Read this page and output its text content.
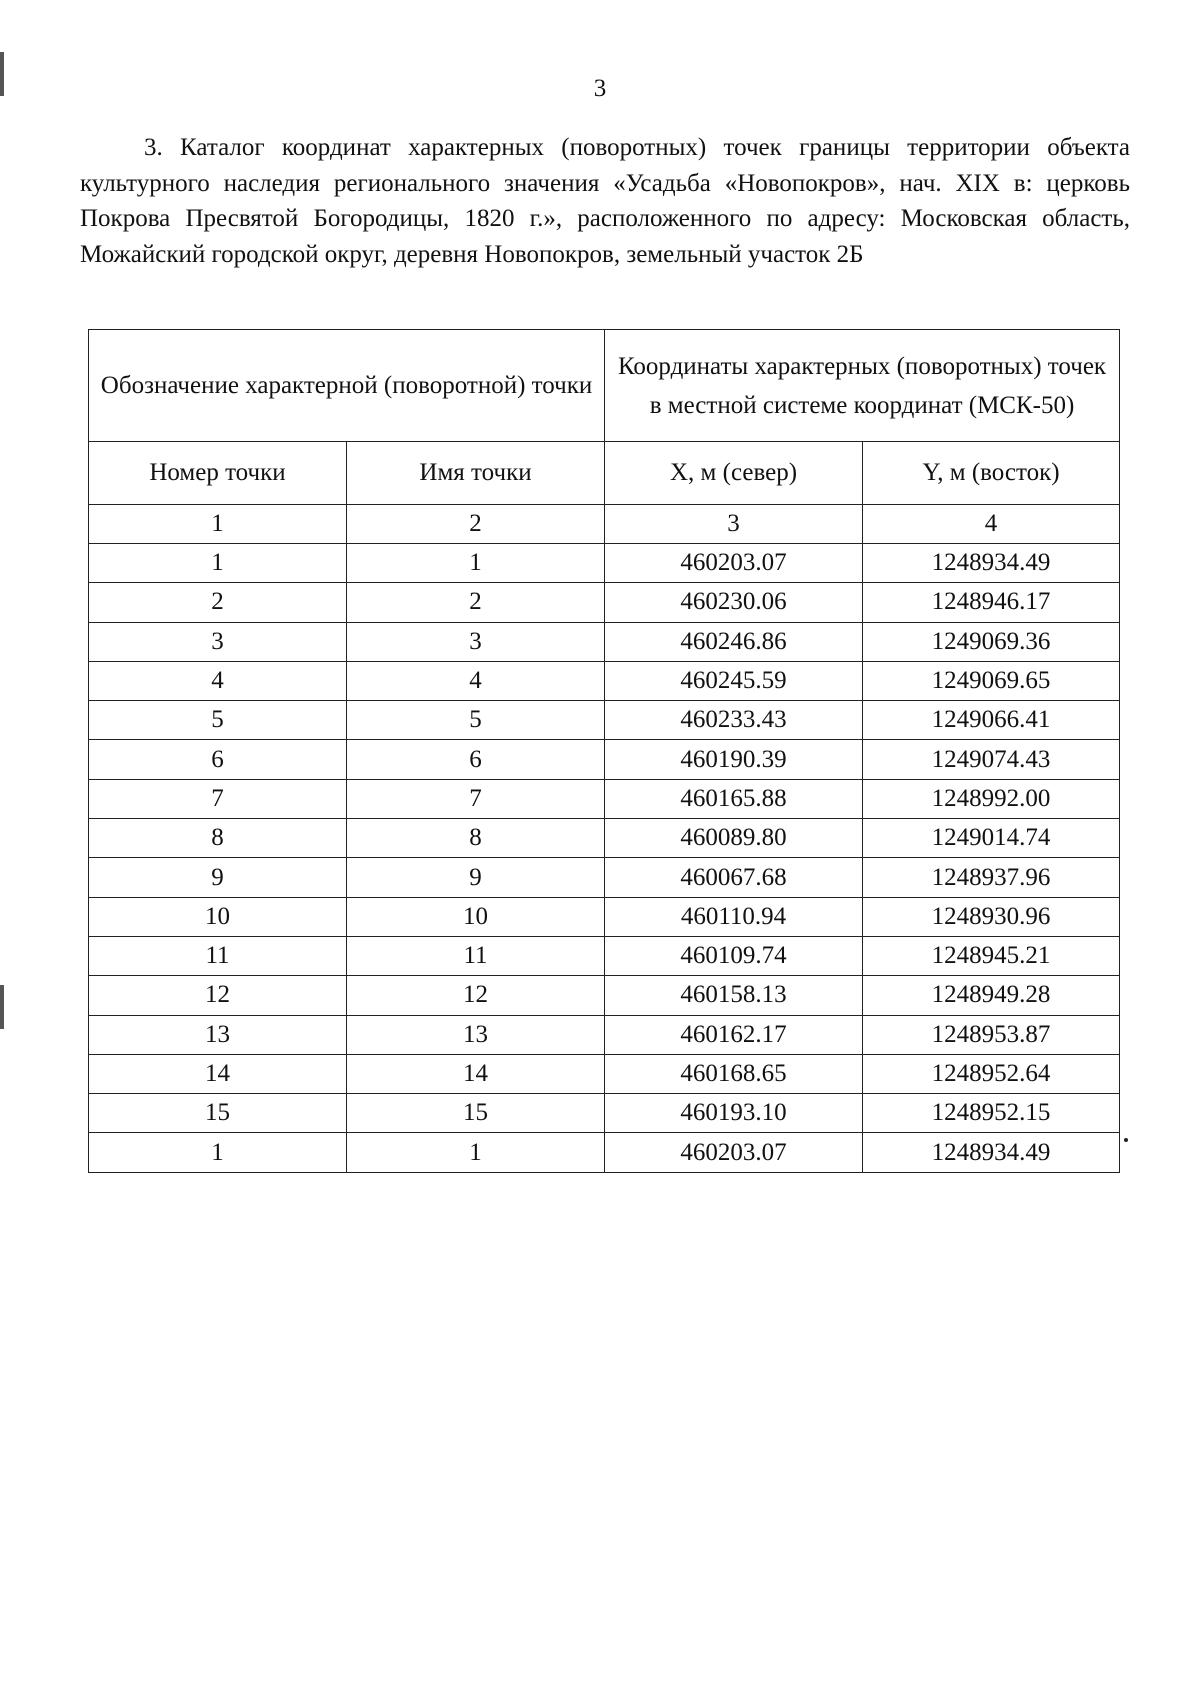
3

3. Каталог координат характерных (поворотных) точек границы территории объекта культурного наследия регионального значения «Усадьба «Новопокров», нач. XIX в: церковь Покрова Пресвятой Богородицы, 1820 г.», расположенного по адресу: Московская область, Можайский городской округ, деревня Новопокров, земельный участок 2Б

Обозначение характерной (поворотной) точки		Координаты характерных (поворотных) точек в местной системе координат (МСК-50)	
Номер точки	Имя точки	X, м (север)	Y, м (восток)
1	2	3	4
1	1	460203.07	1248934.49
2	2	460230.06	1248946.17
3	3	460246.86	1249069.36
4	4	460245.59	1249069.65
5	5	460233.43	1249066.41
6	6	460190.39	1249074.43
7	7	460165.88	1248992.00
8	8	460089.80	1249014.74
9	9	460067.68	1248937.96
10	10	460110.94	1248930.96
11	11	460109.74	1248945.21
12	12	460158.13	1248949.28
13	13	460162.17	1248953.87
14	14	460168.65	1248952.64
15	15	460193.10	1248952.15
1	1	460203.07	1248934.49
